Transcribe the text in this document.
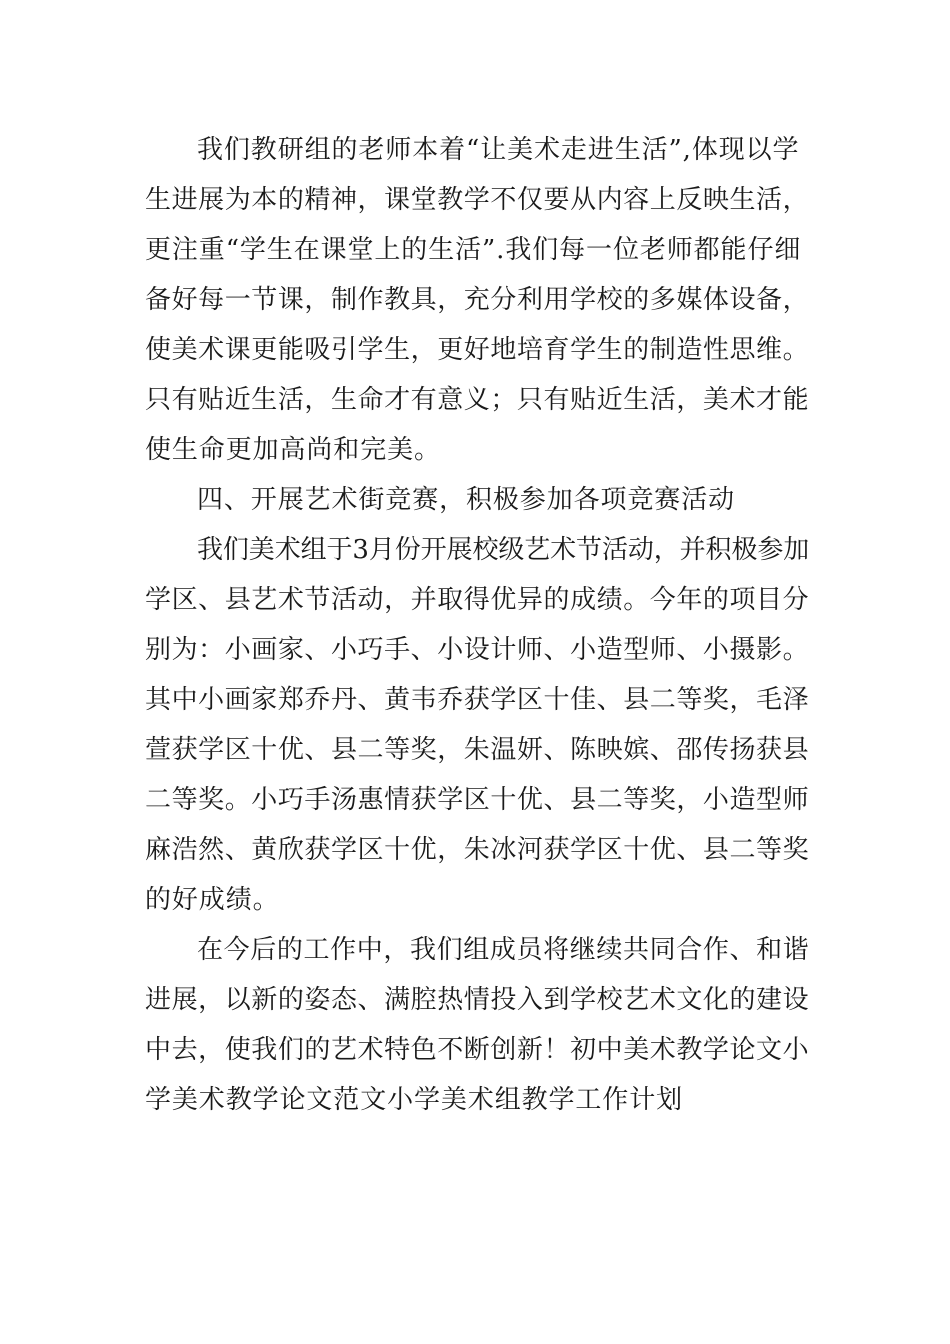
我们教研组的老师本着“让美术走进生活”,体现以学
生进展为本的精神，课堂教学不仅要从内容上反映生活，
更注重“学生在课堂上的生活”.我们每一位老师都能仔细
备好每一节课，制作教具，充分利用学校的多媒体设备，
使美术课更能吸引学生，更好地培育学生的制造性思维。
只有贴近生活，生命才有意义；只有贴近生活，美术才能
使生命更加高尚和完美。
四、开展艺术街竞赛，积极参加各项竞赛活动
我们美术组于3月份开展校级艺术节活动，并积极参加
学区、县艺术节活动，并取得优异的成绩。今年的项目分
别为：小画家、小巧手、小设计师、小造型师、小摄影。
其中小画家郑乔丹、黄韦乔获学区十佳、县二等奖，毛泽
萱获学区十优、县二等奖，朱温妍、陈映嫔、邵传扬获县
二等奖。小巧手汤惠情获学区十优、县二等奖，小造型师
麻浩然、黄欣获学区十优，朱冰河获学区十优、县二等奖
的好成绩。
在今后的工作中，我们组成员将继续共同合作、和谐
进展，以新的姿态、满腔热情投入到学校艺术文化的建设
中去，使我们的艺术特色不断创新！初中美术教学论文小
学美术教学论文范文小学美术组教学工作计划
